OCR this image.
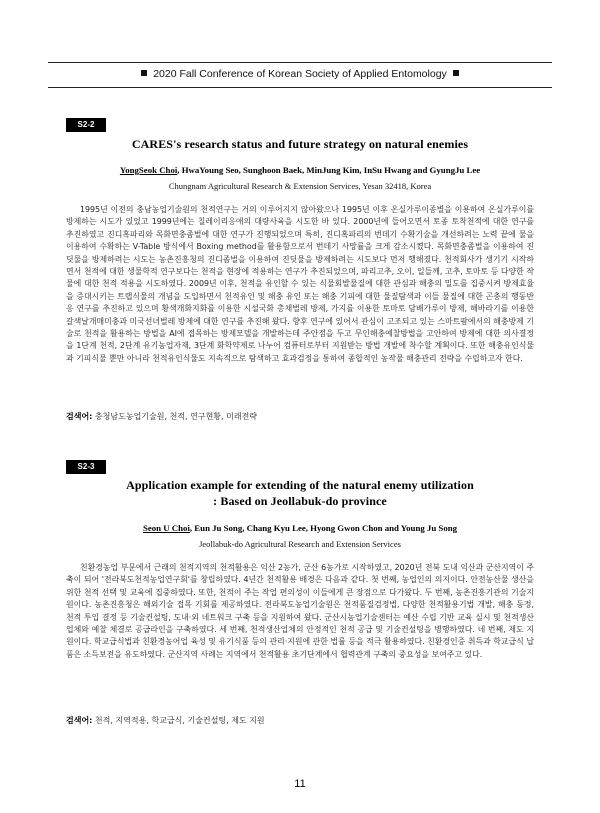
2020 Fall Conference of Korean Society of Applied Entomology
S2-2
CARES's research status and future strategy on natural enemies
YongSeok Choi, HwaYoung Seo, Sunghoon Baek, MinJung Kim, InSu Hwang and GyungJu Lee
Chungnam Agricultural Research & Extension Services, Yesan 32418, Korea

1995년 이전의 충남농업기술원의 천적연구는 거의 이루어지지 않아왔으나 1995년 이후 온실가루이종별을 이용하여 온실가루이를 방제하는 시도가 있었고 1999년에는 칠레이리응애의 대량사육을 시도한 바 있다. 2000년에 들어오면서 토종 토착천적에 대한 연구를 추진하였고 진디혹파리와 목화면충좀벌에 대한 연구가 진행되었으며 특히, 진디혹파리의 번데기 수확기술을 개선하려는 노력 끝에 물을 이용하여 수확하는 V-Table 방식에서 Boxing method를 활용함으로서 번데기 사망률을 크게 감소시켰다. 목화면충좀벌을 이용하여 진딧물을 방제하려는 시도는 농촌진흥청의 진디좀벌을 이용하여 진딧물을 방제하려는 시도보다 먼저 행해졌다. 천적회사가 생기기 시작하면서 천적에 대한 생물학적 연구보다는 천적을 현장에 적용하는 연구가 추진되었으며, 파리고추, 오이, 일들깨, 고추, 토마토 등 다양한 작물에 대한 천적 적용을 시도하였다. 2009년 이후, 천적을 유인할 수 있는 식물회발물질에 대한 관심과 해충의 밀도를 집중시켜 방제효율을 증대시키는 트랩식물의 개념을 도입하면서 천적유인 및 해충 유인 또는 해충 기피에 대한 물질탐색과 이들 물질에 대한 곤충의 행동반응 연구를 추진하고 있으며 황색개화지화를 이용한 시설국화 총채벌레 방제, 가지를 이용한 토마토 담배가루이 방제, 해바라기를 이용한 갈색날개매미충과 미국선녀벌레 방제에 대한 연구를 추진해 왔다. 향후 연구에 있어서 관심이 고조되고 있는 스마트팜에서의 해충방제 기술로 천적을 활용하는 방법을 AI에 접목하는 방제모델을 개발하는데 주안점을 두고 무인해충예찰방법을 고안하여 방제에 대한 의사결정을 1단계 천적, 2단계 유기농업자재, 3단계 화학약제로 나누어 컴퓨터로부터 지원받는 방법 개발에 착수할 계획이다. 또한 해충유인식물과 기피식물 뿐만 아니라 천적유인식물도 지속적으로 탐색하고 효과검정을 통하여 종합적인 농작물 해충관리 전략을 수립하고자 한다.

검색어: 충청남도농업기술원, 천적, 연구현황, 미래전략
S2-3
Application example for extending of the natural enemy utilization
: Based on Jeollabuk-do province
Seon U Choi, Eun Ju Song, Chang Kyu Lee, Hyong Gwon Chon and Young Ju Song
Jeollabuk-do Agricultural Research and Extension Services

친환경농업 부문에서 근래의 천적지역의 천적활용은 익산 2농가, 군산 6농가로 시작하였고, 2020년 전북 도내 익산과 군산지역이 주축이 되어 '전라북도천적농업연구회'를 창립하였다. 4년간 천적활용 배경은 다음과 같다. 첫 번째, 농업인의 의지이다. 안전농산물 생산을 위한 천적 선택 및 교육에 집중하였다. 또한, 천적이 주는 작업 편의성이 이들에게 큰 장점으로 다가왔다. 두 번째, 농촌진흥기관의 기술지원이다. 농촌진흥청은 해외기술 접목 기회를 제공하였다. 전라북도농업기술원은 천적품질검정법, 다양한 천적활용기법 개발, 해충 동정, 천적 투입 결정 등 기술컨설팅, 도내·외 네트워크 구축 등을 지원하여 왔다. 군산시농업기술센터는 예산 수립 기반 교육 실시 및 천적생산업체와 예찰 체결로 공급라인을 구축하였다. 세 번째, 천적생산업체의 안정적인 천적 공급 및 기술컨설팅을 병행하였다. 네 번째, 제도 지원이다. 학교급식법과 친환경농어업 육성 및 유기식품 등의 관리·지원에 관한 법률 등을 적극 활용하였다. 친환경인증 취득과 학교급식 납품은 소득보전을 유도하였다. 군산지역 사례는 지역에서 천적활용 초기단계에서 협력관계 구축의 중요성을 보여주고 있다.

검색어: 천적, 지역적용, 학교급식, 기술컨설팅, 제도 지원
11
